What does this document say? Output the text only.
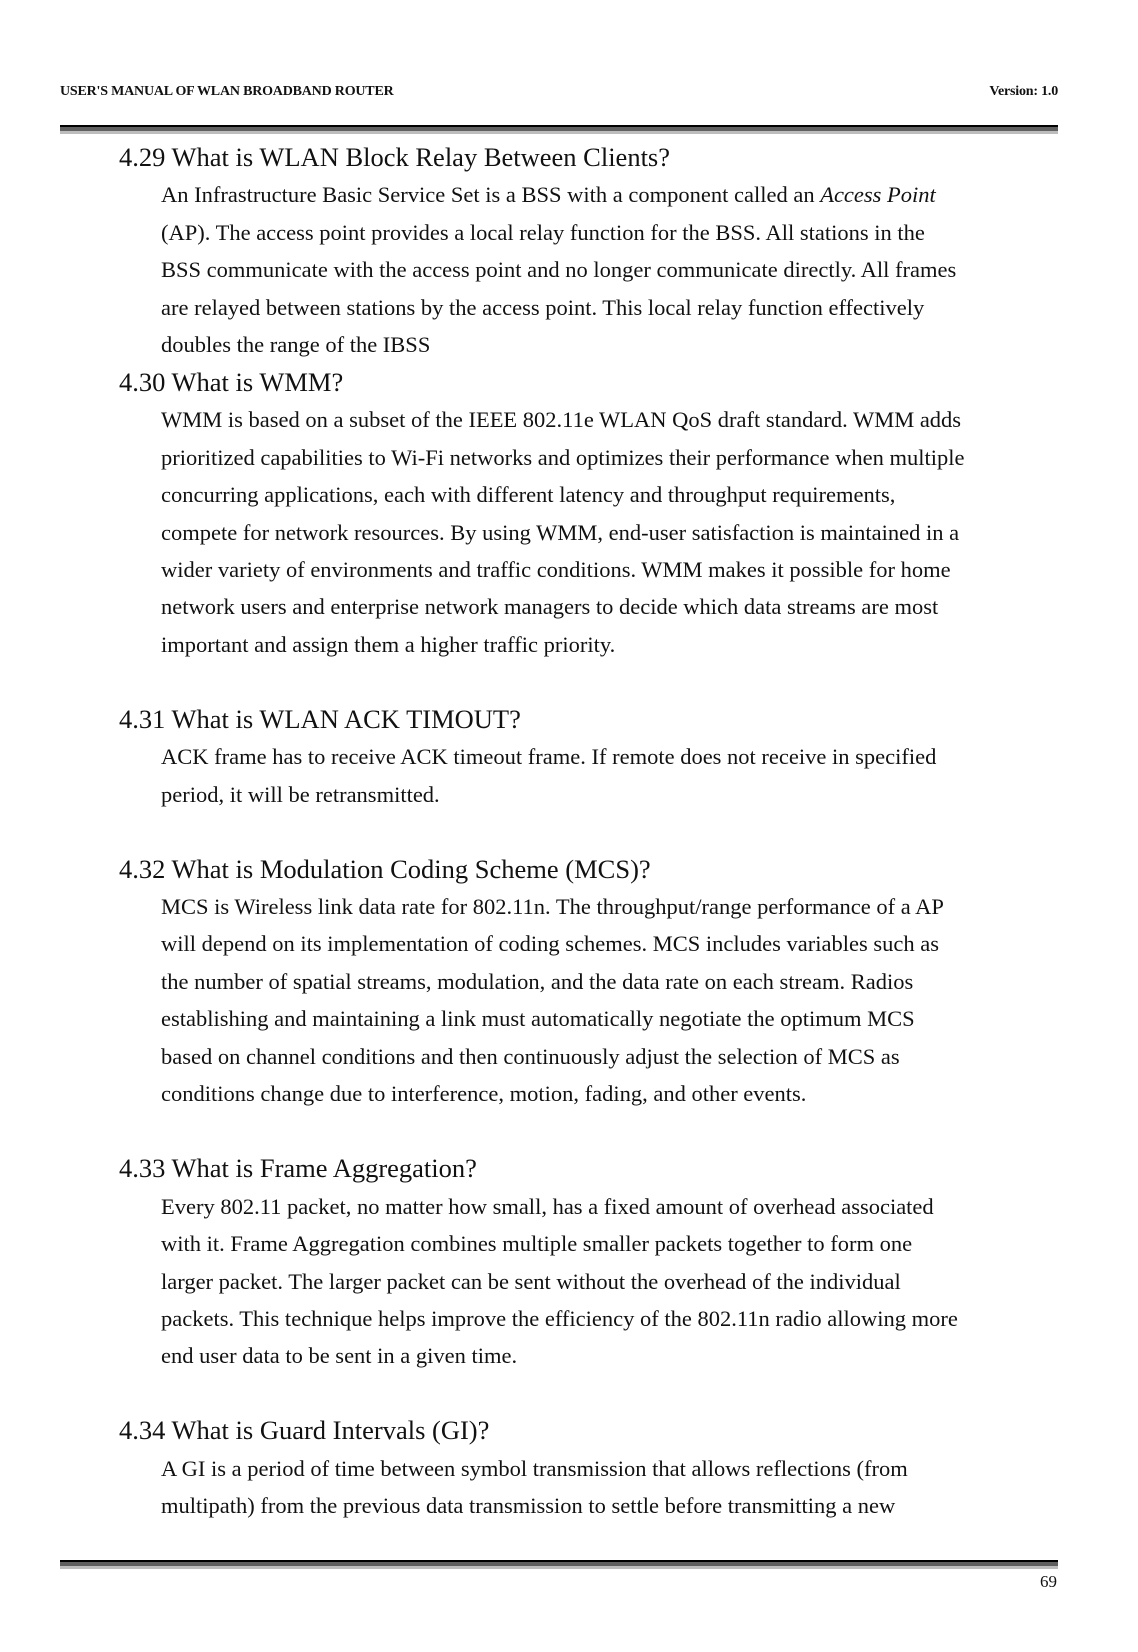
USER'S MANUAL OF WLAN BROADBAND ROUTER	Version: 1.0
4.29 What is WLAN Block Relay Between Clients?
An Infrastructure Basic Service Set is a BSS with a component called an Access Point
(AP). The access point provides a local relay function for the BSS. All stations in the
BSS communicate with the access point and no longer communicate directly. All frames
are relayed between stations by the access point. This local relay function effectively
doubles the range of the IBSS
4.30 What is WMM?
WMM is based on a subset of the IEEE 802.11e WLAN QoS draft standard. WMM adds
prioritized capabilities to Wi-Fi networks and optimizes their performance when multiple
concurring applications, each with different latency and throughput requirements,
compete for network resources. By using WMM, end-user satisfaction is maintained in a
wider variety of environments and traffic conditions. WMM makes it possible for home
network users and enterprise network managers to decide which data streams are most
important and assign them a higher traffic priority.
4.31 What is WLAN ACK TIMOUT?
ACK frame has to receive ACK timeout frame. If remote does not receive in specified
period, it will be retransmitted.
4.32 What is Modulation Coding Scheme (MCS)?
MCS is Wireless link data rate for 802.11n. The throughput/range performance of a AP
will depend on its implementation of coding schemes. MCS includes variables such as
the number of spatial streams, modulation, and the data rate on each stream. Radios
establishing and maintaining a link must automatically negotiate the optimum MCS
based on channel conditions and then continuously adjust the selection of MCS as
conditions change due to interference, motion, fading, and other events.
4.33 What is Frame Aggregation?
Every 802.11 packet, no matter how small, has a fixed amount of overhead associated
with it. Frame Aggregation combines multiple smaller packets together to form one
larger packet. The larger packet can be sent without the overhead of the individual
packets. This technique helps improve the efficiency of the 802.11n radio allowing more
end user data to be sent in a given time.
4.34 What is Guard Intervals (GI)?
A GI is a period of time between symbol transmission that allows reflections (from
multipath) from the previous data transmission to settle before transmitting a new
69
